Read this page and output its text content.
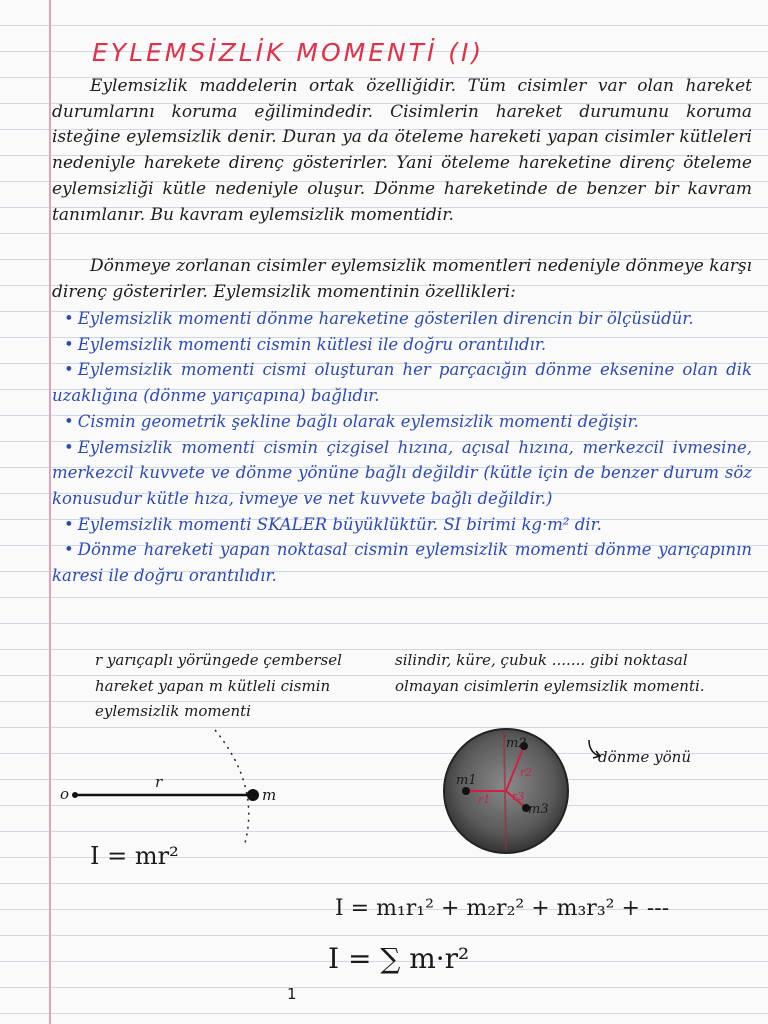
EYLEMSİZLİK MOMENTİ (I)
Eylemsizlik maddelerin ortak özelliğidir. Tüm cisimler var olan hareket durumlarını koruma eğilimindedir. Cisimlerin hareket durumunu koruma isteğine eylemsizlik denir. Duran ya da öteleme hareketi yapan cisimler kütleleri nedeniyle harekete direnç gösterirler. Yani öteleme hareketine direnç öteleme eylemsizliği kütle nedeniyle oluşur. Dönme hareketinde de benzer bir kavram tanımlanır. Bu kavram eylemsizlik momentidir.
Dönmeye zorlanan cisimler eylemsizlik momentleri nedeniyle dönmeye karşı direnç gösterirler. Eylemsizlik momentinin özellikleri:
• Eylemsizlik momenti dönme hareketine gösterilen direncin bir ölçüsüdür.
• Eylemsizlik momenti cismin kütlesi ile doğru orantılıdır.
• Eylemsizlik momenti cismi oluşturan her parçacığın dönme eksenine olan dik uzaklığına (dönme yarıçapına) bağlıdır.
• Cismin geometrik şekline bağlı olarak eylemsizlik momenti değişir.
• Eylemsizlik momenti cismin çizgisel hızına, açısal hızına, merkezcil ivmesine, merkezcil kuvvete ve dönme yönüne bağlı değildir (kütle için de benzer durum söz konusudur kütle hıza, ivmeye ve net kuvvete bağlı değildir.)
• Eylemsizlik momenti SKALER büyüklüktür. SI birimi kg·m² dir.
• Dönme hareketi yapan noktasal cismin eylemsizlik momenti dönme yarıçapının karesi ile doğru orantılıdır.
r yarıçaplı yörüngede çembersel hareket yapan m kütleli cismin eylemsizlik momenti
silindir, küre, çubuk ....... gibi noktasal olmayan cisimlerin eylemsizlik momenti.
o
r
m
m1
m2
m3
r1
r2
r3
dönme yönü
I = mr²
I = m₁r₁² + m₂r₂² + m₃r₃² + ---
I = ∑ m·r²
1
